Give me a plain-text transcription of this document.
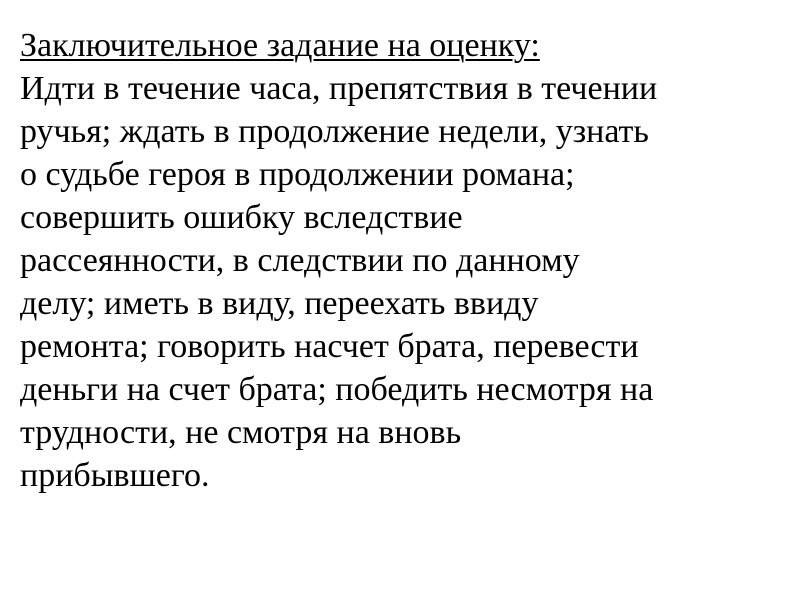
Заключительное задание на оценку:
Идти в течение часа, препятствия в течении
ручья; ждать в продолжение недели, узнать
о судьбе героя в продолжении романа;
совершить ошибку вследствие
рассеянности, в следствии по данному
делу; иметь в виду, переехать ввиду
ремонта; говорить насчет брата, перевести
деньги на счет брата; победить несмотря на
трудности, не смотря на вновь
прибывшего.
